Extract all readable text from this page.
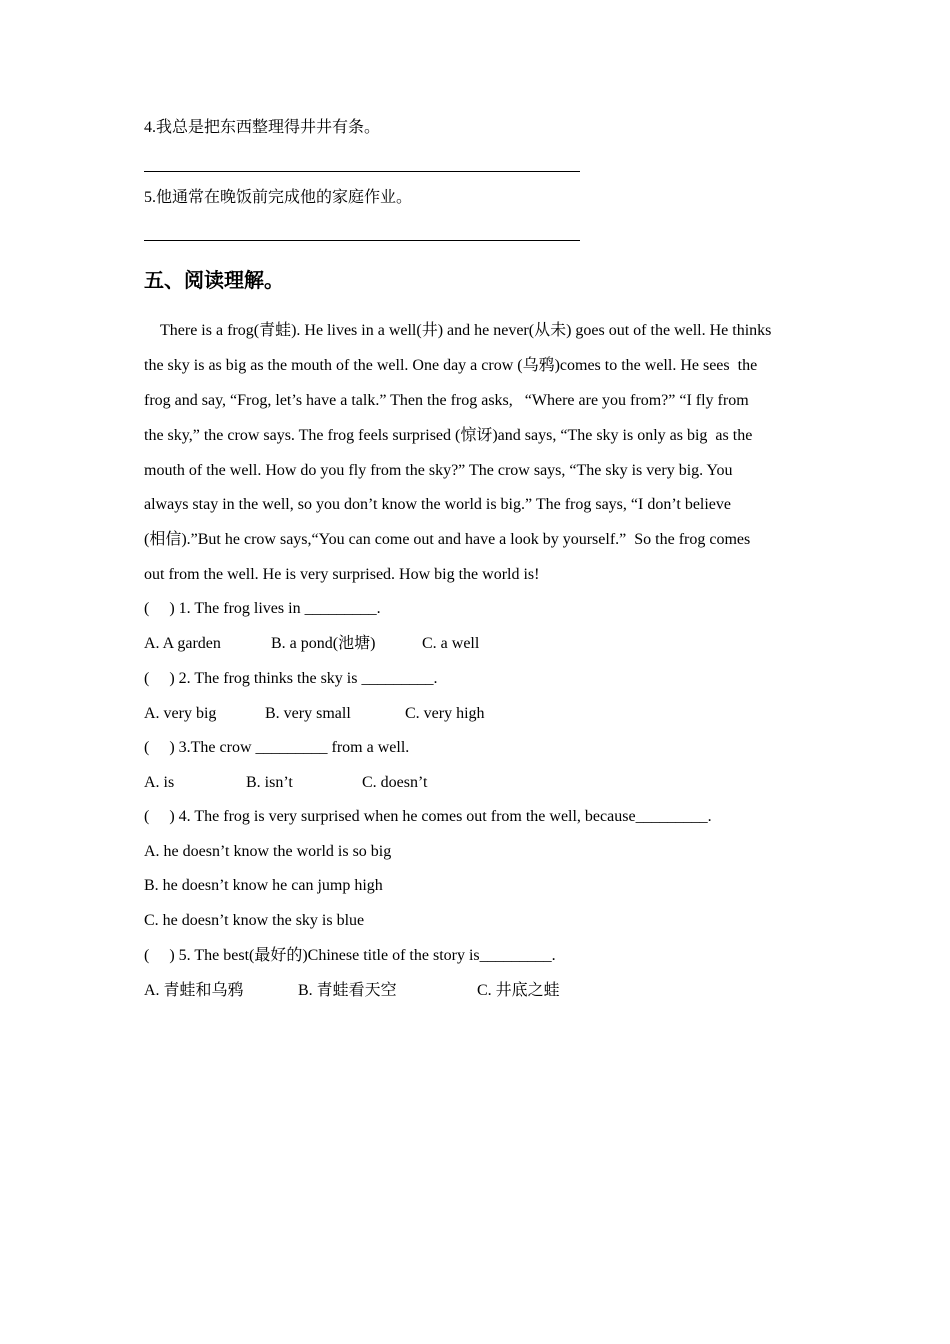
4.我总是把东西整理得井井有条。
5.他通常在晚饭前完成他的家庭作业。
五、阅读理解。
There is a frog(青蛙). He lives in a well(井) and he never(从未) goes out of the well. He thinks
the sky is as big as the mouth of the well. One day a crow (乌鸦)comes to the well. He sees  the
frog and say, “Frog, let’s have a talk.” Then the frog asks,   “Where are you from?” “I fly from
the sky,” the crow says. The frog feels surprised (惊讶)and says, “The sky is only as big  as the
mouth of the well. How do you fly from the sky?” The crow says, “The sky is very big. You
always stay in the well, so you don’t know the world is big.” The frog says, “I don’t believe
(相信).”But he crow says,“You can come out and have a look by yourself.”  So the frog comes
out from the well. He is very surprised. How big the world is!
(     ) 1. The frog lives in _________.

A. A garden

	B. a pond(池塘)

	C. a well

(     ) 2. The frog thinks the sky is _________.

A. very big

	B. very small

	C. very high

(     ) 3.The crow _________ from a well.

A. is

	B. isn’t

	C. doesn’t

(     ) 4. The frog is very surprised when he comes out from the well, because_________.
A. he doesn’t know the world is so big
B. he doesn’t know he can jump high
C. he doesn’t know the sky is blue
(     ) 5. The best(最好的)Chinese title of the story is_________.

A. 青蛙和乌鸦

	B. 青蛙看天空

	C. 井底之蛙
